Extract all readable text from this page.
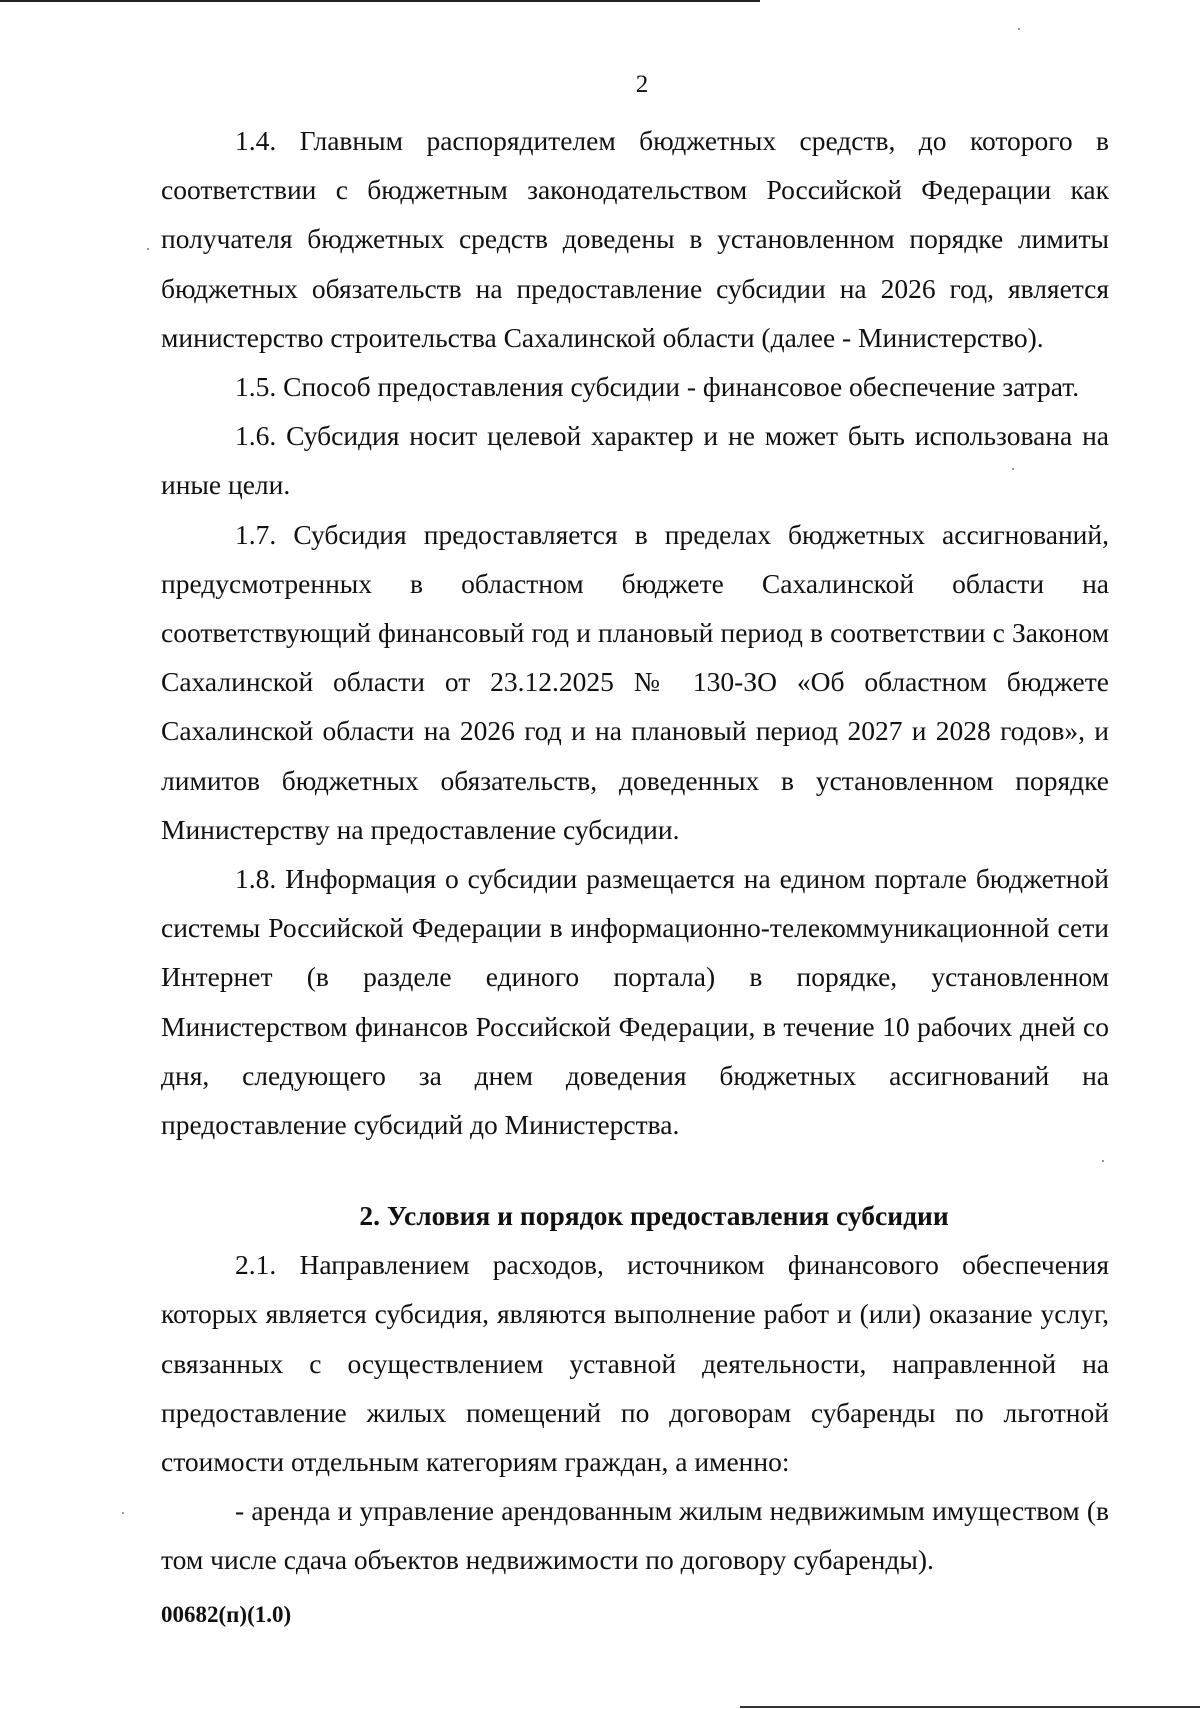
2

1.4. Главным распорядителем бюджетных средств, до которого в соответствии с бюджетным законодательством Российской Федерации как получателя бюджетных средств доведены в установленном порядке лимиты бюджетных обязательств на предоставление субсидии на 2026 год, является министерство строительства Сахалинской области (далее - Министерство).

1.5. Способ предоставления субсидии - финансовое обеспечение затрат.

1.6. Субсидия носит целевой характер и не может быть использована на иные цели.

1.7. Субсидия предоставляется в пределах бюджетных ассигнований, предусмотренных в областном бюджете Сахалинской области на соответствующий финансовый год и плановый период в соответствии с Законом Сахалинской области от 23.12.2025 № 130-ЗО «Об областном бюджете Сахалинской области на 2026 год и на плановый период 2027 и 2028 годов», и лимитов бюджетных обязательств, доведенных в установленном порядке Министерству на предоставление субсидии.

1.8. Информация о субсидии размещается на едином портале бюджетной системы Российской Федерации в информационно-телекоммуникационной сети Интернет (в разделе единого портала) в порядке, установленном Министерством финансов Российской Федерации, в течение 10 рабочих дней со дня, следующего за днем доведения бюджетных ассигнований на предоставление субсидий до Министерства.

2. Условия и порядок предоставления субсидии

2.1. Направлением расходов, источником финансового обеспечения которых является субсидия, являются выполнение работ и (или) оказание услуг, связанных с осуществлением уставной деятельности, направленной на предоставление жилых помещений по договорам субаренды по льготной стоимости отдельным категориям граждан, а именно:

- аренда и управление арендованным жилым недвижимым имуществом (в том числе сдача объектов недвижимости по договору субаренды).

00682(п)(1.0)
